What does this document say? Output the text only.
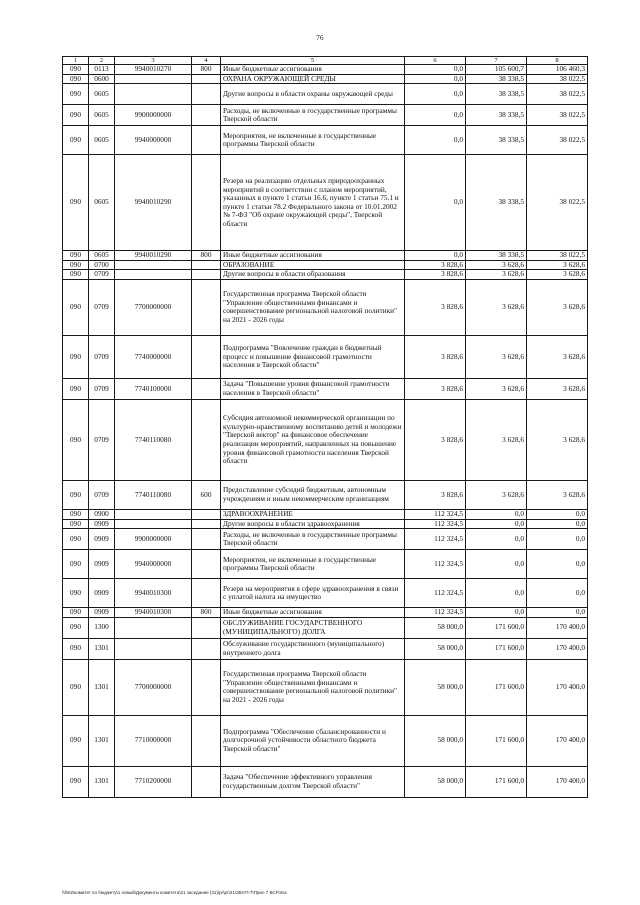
76
1	2	3	4	5	6	7	8
090	0113	9940010270	800	Иные бюджетные ассигнования	0,0	105 600,7	106 460,3
090	0600			ОХРАНА ОКРУЖАЮЩЕЙ СРЕДЫ	0,0	38 338,5	38 022,5
090	0605			Другие вопросы в области охраны окружающей среды	0,0	38 338,5	38 022,5
090	0605	9900000000		Расходы, не включенные в государственные программы Тверской области	0,0	38 338,5	38 022,5
090	0605	9940000000		Мероприятия, не включенные в государственные программы Тверской области	0,0	38 338,5	38 022,5
090	0605	9940010290		Резерв на реализацию отдельных природоохранных мероприятий в соответствии с планом мероприятий, указанных в пункте 1 статьи 16.6, пункте 1 статьи 75.1 и пункте 1 статьи 78.2 Федерального закона от 10.01.2002 № 7-ФЗ "Об охране окружающей среды", Тверской области	0,0	38 338,5	38 022,5
090	0605	9940010290	800	Иные бюджетные ассигнования	0,0	38 338,5	38 022,5
090	0700			ОБРАЗОВАНИЕ	3 828,6	3 628,6	3 628,6
090	0709			Другие вопросы в области образования	3 828,6	3 628,6	3 628,6
090	0709	7700000000		Государственная программа Тверской области "Управление общественными финансами и совершенствование региональной налоговой политики" на 2021 - 2026 годы	3 828,6	3 628,6	3 628,6
090	0709	7740000000		Подпрограмма "Вовлечение граждан в бюджетный процесс и повышение финансовой грамотности населения в Тверской области"	3 828,6	3 628,6	3 628,6
090	0709	7740100000		Задача "Повышение уровня финансовой грамотности населения в Тверской области"	3 828,6	3 628,6	3 628,6
090	0709	7740110080		Субсидия автономной некоммерческой организации по культурно-нравственному воспитанию детей и молодежи "Тверской вектор" на финансовое обеспечение реализации мероприятий, направленных на повышение уровня финансовой грамотности населения Тверской области	3 828,6	3 628,6	3 628,6
090	0709	7740110080	600	Предоставление субсидий бюджетным, автономным учреждениям и иным некоммерческим организациям	3 828,6	3 628,6	3 628,6
090	0900			ЗДРАВООХРАНЕНИЕ	112 324,5	0,0	0,0
090	0909			Другие вопросы в области здравоохранения	112 324,5	0,0	0,0
090	0909	9900000000		Расходы, не включенные в государственные программы Тверской области	112 324,5	0,0	0,0
090	0909	9940000000		Мероприятия, не включенные в государственные программы Тверской области	112 324,5	0,0	0,0
090	0909	9940010300		Резерв на мероприятия в сфере здравоохранения в связи с уплатой налога на имущество	112 324,5	0,0	0,0
090	0909	9940010300	800	Иные бюджетные ассигнования	112 324,5	0,0	0,0
090	1300			ОБСЛУЖИВАНИЕ ГОСУДАРСТВЕННОГО (МУНИЦИПАЛЬНОГО) ДОЛГА	58 000,0	171 600,0	170 400,0
090	1301			Обслуживание государственного (муниципального) внутреннего долга	58 000,0	171 600,0	170 400,0
090	1301	7700000000		Государственная программа Тверской области "Управление общественными финансами и совершенствование региональной налоговой политики" на 2021 - 2026 годы	58 000,0	171 600,0	170 400,0
090	1301	7710000000		Подпрограмма "Обеспечение сбалансированности и долгосрочной устойчивости областного бюджета Тверской области"	58 000,0	171 600,0	170 400,0
090	1301	7710200000		Задача "Обеспечение эффективного управления государственным долгом Тверской области"	58 000,0	171 600,0	170 400,0
\\fs02\комитет по бюджету\1 новый\Документы комитета\21 заседание (31)\рг\рг\21\363-П-7\Прил 7 БСР.xlsx
